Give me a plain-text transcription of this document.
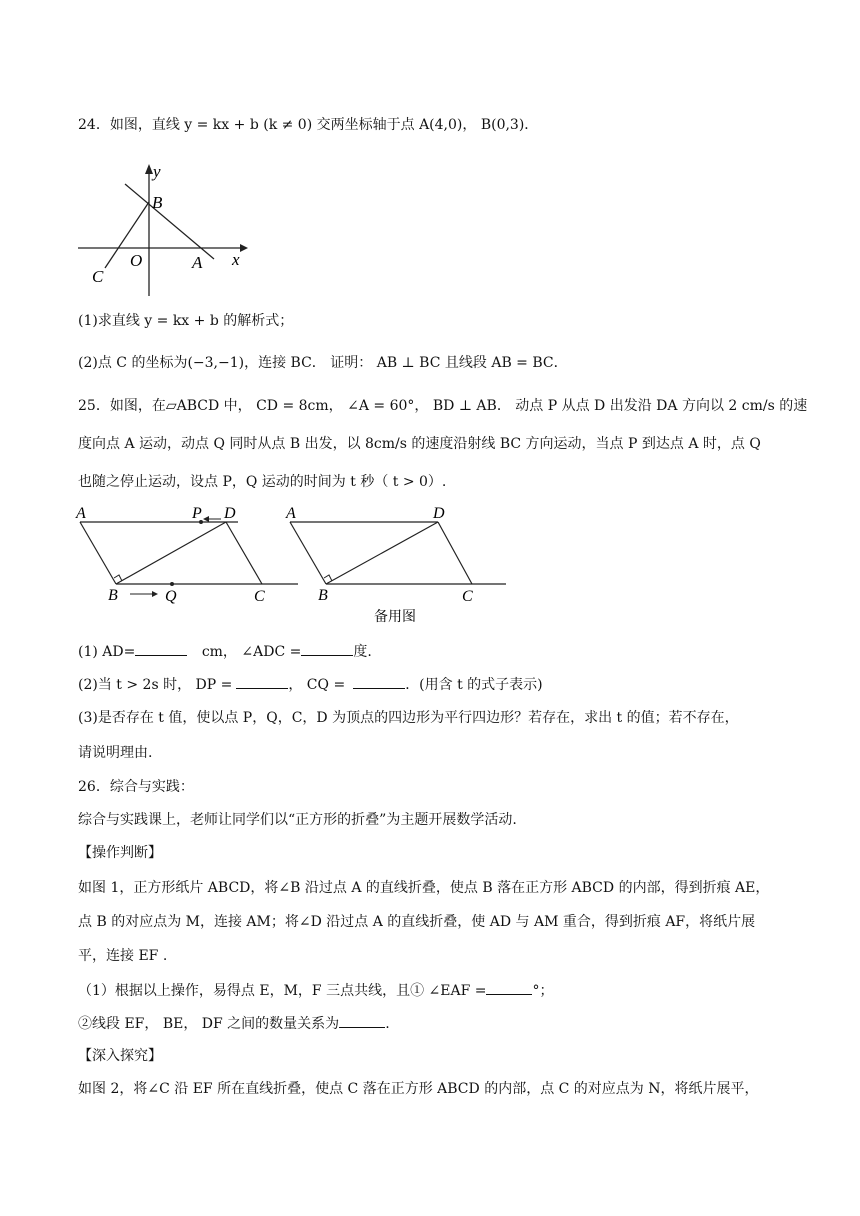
24．如图，直线 y = kx + b (k ≠ 0) 交两坐标轴于点 A(4,0)， B(0,3)．
y
B
O	A x
C
(1)求直线 y = kx + b 的解析式；
(2)点 C 的坐标为(−3,−1)，连接 BC． 证明： AB ⊥ BC 且线段 AB = BC．
25．如图，在▱ABCD 中， CD = 8cm， ∠A = 60°， BD ⊥ AB． 动点 P 从点 D 出发沿 DA 方向以 2 cm/s 的速
度向点 A 运动，动点 Q 同时从点 B 出发，以 8cm/s 的速度沿射线 BC 方向运动，当点 P 到达点 A 时，点 Q
也随之停止运动，设点 P，Q 运动的时间为 t 秒（ t > 0）.
A	P D
B	Q	C
A	D
B	C
备用图
(1) AD=	cm， ∠ADC =	度.
(2)当 t > 2s 时， DP =	， CQ =	．(用含 t 的式子表示)
(3)是否存在 t 值，使以点 P，Q，C，D 为顶点的四边形为平行四边形？若存在，求出 t 的值；若不存在，
请说明理由.
26．综合与实践：
综合与实践课上，老师让同学们以“正方形的折叠”为主题开展数学活动.
【操作判断】
如图 1，正方形纸片 ABCD，将∠B 沿过点 A 的直线折叠，使点 B 落在正方形 ABCD 的内部，得到折痕 AE，
点 B 的对应点为 M，连接 AM；将∠D 沿过点 A 的直线折叠，使 AD 与 AM 重合，得到折痕 AF，将纸片展
平，连接 EF .
（1）根据以上操作，易得点 E，M，F 三点共线，且① ∠EAF =	°；
②线段 EF， BE， DF 之间的数量关系为	.
【深入探究】
如图 2，将∠C 沿 EF 所在直线折叠，使点 C 落在正方形 ABCD 的内部，点 C 的对应点为 N，将纸片展平，
